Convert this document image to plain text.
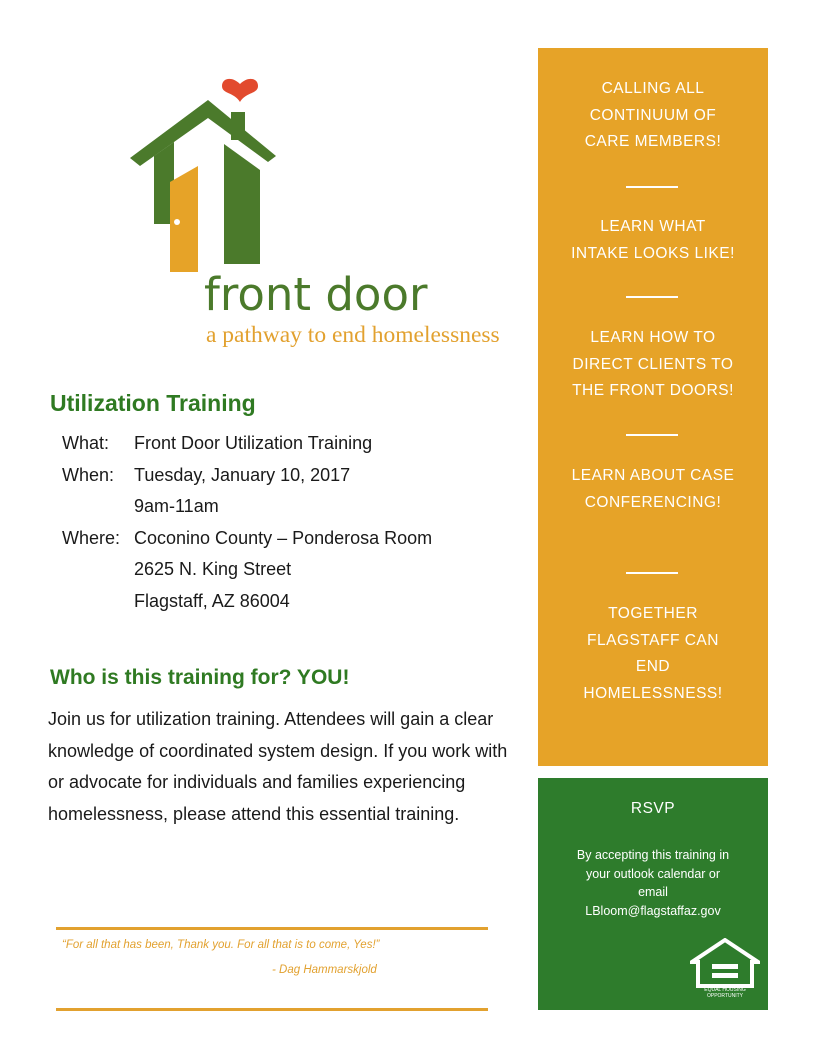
front door
a pathway to end homelessness
Utilization Training
What:	Front Door Utilization Training
When:	Tuesday, January 10, 2017
9am-11am
Where: Coconino County – Ponderosa Room
2625 N. King Street
Flagstaff, AZ 86004
Who is this training for? YOU!
Join us for utilization training. Attendees will gain a clear knowledge of coordinated system design. If you work with or advocate for individuals and families experiencing homelessness, please attend this essential training.
“For all that has been, Thank you. For all that is to come, Yes!”
- Dag Hammarskjold
CALLING ALL
CONTINUUM OF
CARE MEMBERS!
LEARN WHAT
INTAKE LOOKS LIKE!
LEARN HOW TO
DIRECT CLIENTS TO
THE FRONT DOORS!
LEARN ABOUT CASE
CONFERENCING!
TOGETHER
FLAGSTAFF CAN
END
HOMELESSNESS!
RSVP
By accepting this training in
your outlook calendar or
email
LBloom@flagstaffaz.gov
EQUAL HOUSING
OPPORTUNITY
